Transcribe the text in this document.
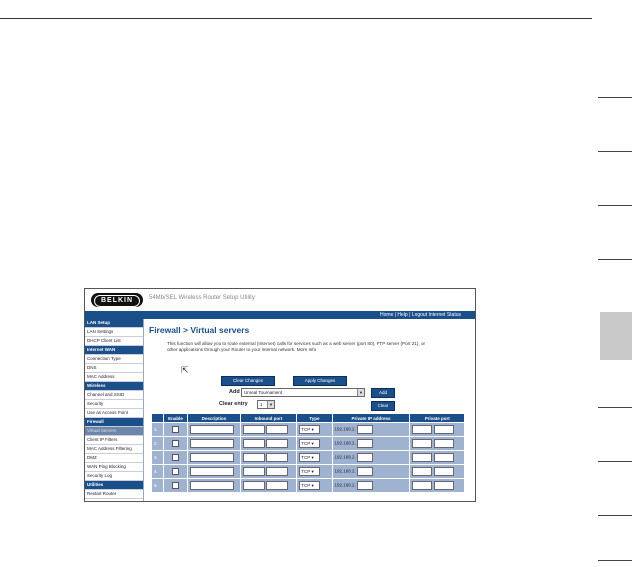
BELKIN	54Mb/SEL Wireless Router Setup Utility
Home | Help | Logout Internet Status
LAN Setup
LAN Settings
DHCP Client List
Internet WAN
Connection Type
DNS
MAC Address
Wireless
Channel and SSID
Security
Use as Access Point
Firewall
Virtual Servers
Client IP Filters
MAC Address Filtering
DMZ
WAN Ping Blocking
Security Log
Utilities
Restart Router
Firewall > Virtual servers
This function will allow you to route external (Internet) calls for services such as a web server (port 80), FTP server (Port 21), or other applications through your Router to your internal network. More Info
⇱
Clear Changes	Apply Changes
Add Unreal Tournament	▼	Add
Clear entry	1	▼	Clear
	Enable	Description	Inbound port	Type	Private IP address	Private port
1.				TCP ▾	192.168.2.	
2.				TCP ▾	192.168.2.	
3.				TCP ▾	192.168.2.	
4.				TCP ▾	192.168.2.	
5.				TCP ▾	192.168.2.	
